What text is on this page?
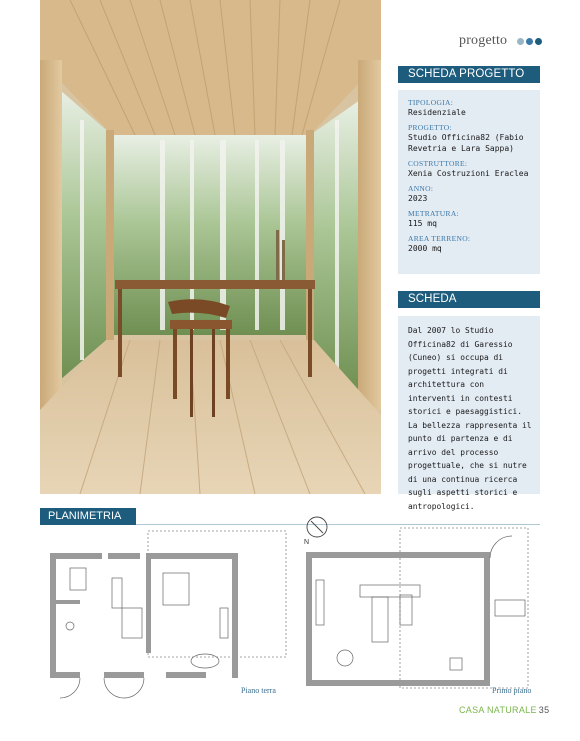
progetto
SCHEDA PROGETTO
TIPOLOGIA:
Residenziale
PROGETTO:
Studio Officina82 (Fabio Revetria e Lara Sappa)
COSTRUTTORE:
Xenia Costruzioni Eraclea
ANNO:
2023
METRATURA:
115 mq
AREA TERRENO:
2000 mq
SCHEDA
Dal 2007 lo Studio Officina82 di Garessio (Cuneo) si occupa di progetti integrati di architettura con interventi in contesti storici e paesaggistici. La bellezza rappresenta il punto di partenza e di arrivo del processo progettuale, che si nutre di una continua ricerca sugli aspetti storici e antropologici.
PLANIMETRIA
Piano terra
N
Primo piano
CASA NATURALE 35
